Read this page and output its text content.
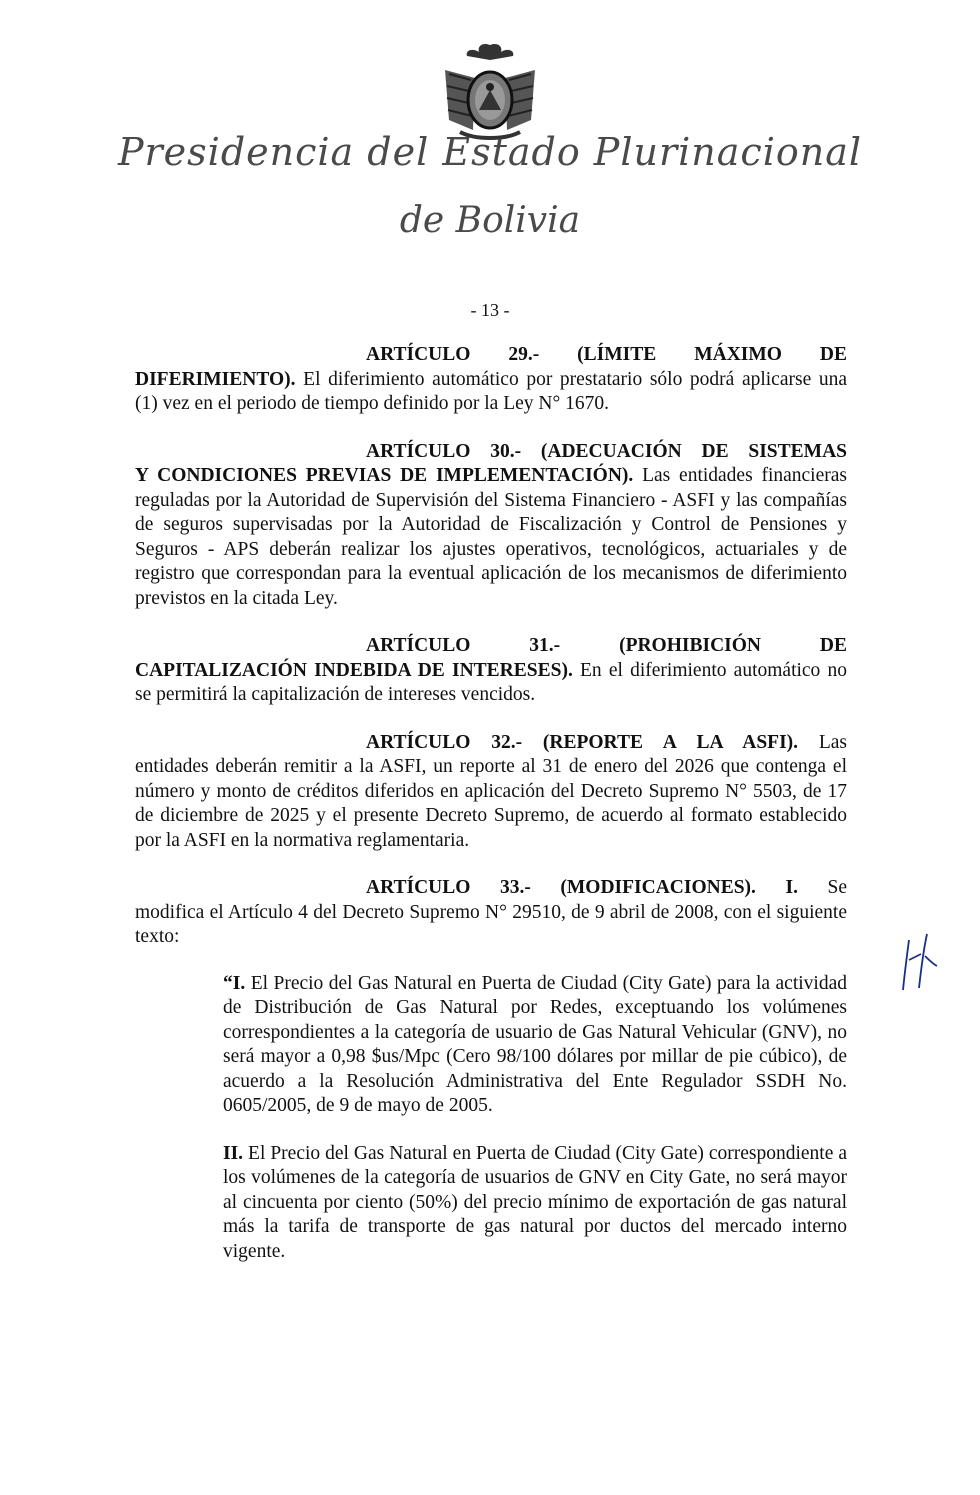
Presidencia del Estado Plurinacional
de Bolivia
- 13 -
ARTÍCULO 29.- (LÍMITE MÁXIMO DE
DIFERIMIENTO). El diferimiento automático por prestatario sólo podrá aplicarse una (1) vez en el periodo de tiempo definido por la Ley N° 1670.
ARTÍCULO 30.- (ADECUACIÓN DE SISTEMAS
Y CONDICIONES PREVIAS DE IMPLEMENTACIÓN). Las entidades financieras reguladas por la Autoridad de Supervisión del Sistema Financiero - ASFI y las compañías de seguros supervisadas por la Autoridad de Fiscalización y Control de Pensiones y Seguros - APS deberán realizar los ajustes operativos, tecnológicos, actuariales y de registro que correspondan para la eventual aplicación de los mecanismos de diferimiento previstos en la citada Ley.
ARTÍCULO 31.- (PROHIBICIÓN DE
CAPITALIZACIÓN INDEBIDA DE INTERESES). En el diferimiento automático no se permitirá la capitalización de intereses vencidos.
ARTÍCULO 32.- (REPORTE A LA ASFI). Las
entidades deberán remitir a la ASFI, un reporte al 31 de enero del 2026 que contenga el número y monto de créditos diferidos en aplicación del Decreto Supremo N° 5503, de 17 de diciembre de 2025 y el presente Decreto Supremo, de acuerdo al formato establecido por la ASFI en la normativa reglamentaria.
ARTÍCULO 33.- (MODIFICACIONES). I. Se
modifica el Artículo 4 del Decreto Supremo N° 29510, de 9 abril de 2008, con el siguiente texto:
“I. El Precio del Gas Natural en Puerta de Ciudad (City Gate) para la actividad de Distribución de Gas Natural por Redes, exceptuando los volúmenes correspondientes a la categoría de usuario de Gas Natural Vehicular (GNV), no será mayor a 0,98 $us/Mpc (Cero 98/100 dólares por millar de pie cúbico), de acuerdo a la Resolución Administrativa del Ente Regulador SSDH No. 0605/2005, de 9 de mayo de 2005.
II. El Precio del Gas Natural en Puerta de Ciudad (City Gate) correspondiente a los volúmenes de la categoría de usuarios de GNV en City Gate, no será mayor al cincuenta por ciento (50%) del precio mínimo de exportación de gas natural más la tarifa de transporte de gas natural por ductos del mercado interno vigente.
